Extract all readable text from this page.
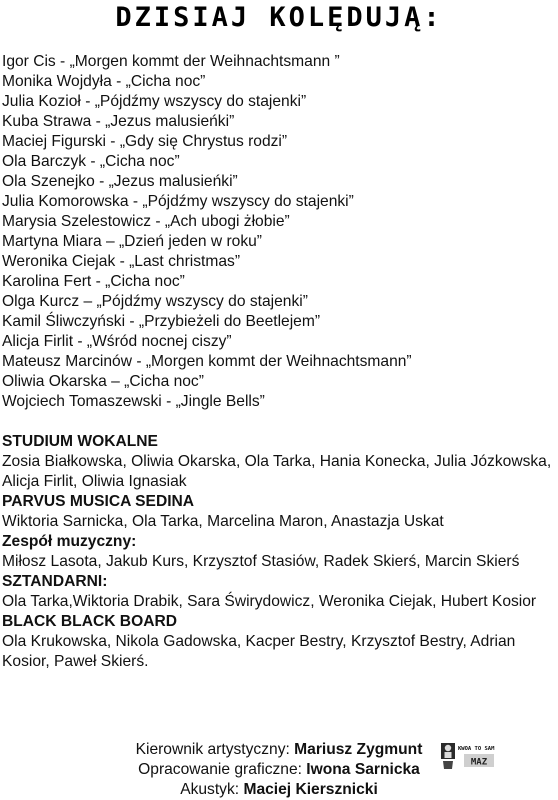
DZISIAJ KOLĘDUJĄ:
Igor Cis - „Morgen kommt der Weihnachtsmann ”
Monika Wojdyła - „Cicha noc”
Julia Kozioł - „Pójdźmy wszyscy do stajenki”
Kuba Strawa - „Jezus malusieńki”
Maciej Figurski - „Gdy się Chrystus rodzi”
Ola Barczyk - „Cicha noc”
Ola Szenejko - „Jezus malusieńki”
Julia Komorowska - „Pójdźmy wszyscy do stajenki”
Marysia Szelestowicz - „Ach ubogi żłobie”
Martyna Miara – „Dzień jeden w roku”
Weronika Ciejak - „Last christmas”
Karolina Fert - „Cicha noc”
Olga Kurcz – „Pójdźmy wszyscy do stajenki”
Kamil Śliwczyński - „Przybieżeli do Beetlejem”
Alicja Firlit - „Wśród nocnej ciszy”
Mateusz Marcinów - „Morgen kommt der Weihnachtsmann”
Oliwia Okarska – „Cicha noc”
Wojciech Tomaszewski - „Jingle Bells”
STUDIUM WOKALNE
Zosia Białkowska, Oliwia Okarska, Ola Tarka, Hania Konecka, Julia Józkowska, Alicja Firlit, Oliwia Ignasiak
PARVUS MUSICA SEDINA
Wiktoria Sarnicka, Ola Tarka, Marcelina Maron, Anastazja Uskat
Zespół muzyczny:
Miłosz Lasota, Jakub Kurs, Krzysztof Stasiów, Radek Skierś, Marcin Skierś
SZTANDARNI:
Ola Tarka,Wiktoria Drabik, Sara Świrydowicz, Weronika Ciejak, Hubert Kosior
BLACK BLACK BOARD
Ola Krukowska, Nikola Gadowska, Kacper Bestry, Krzysztof Bestry, Adrian Kosior, Paweł Skierś.
Kierownik artystyczny: Mariusz Zygmunt
Opracowanie graficzne: Iwona Sarnicka
Akustyk: Maciej Kiersznicki
KWOA TO SAM
MAZ
